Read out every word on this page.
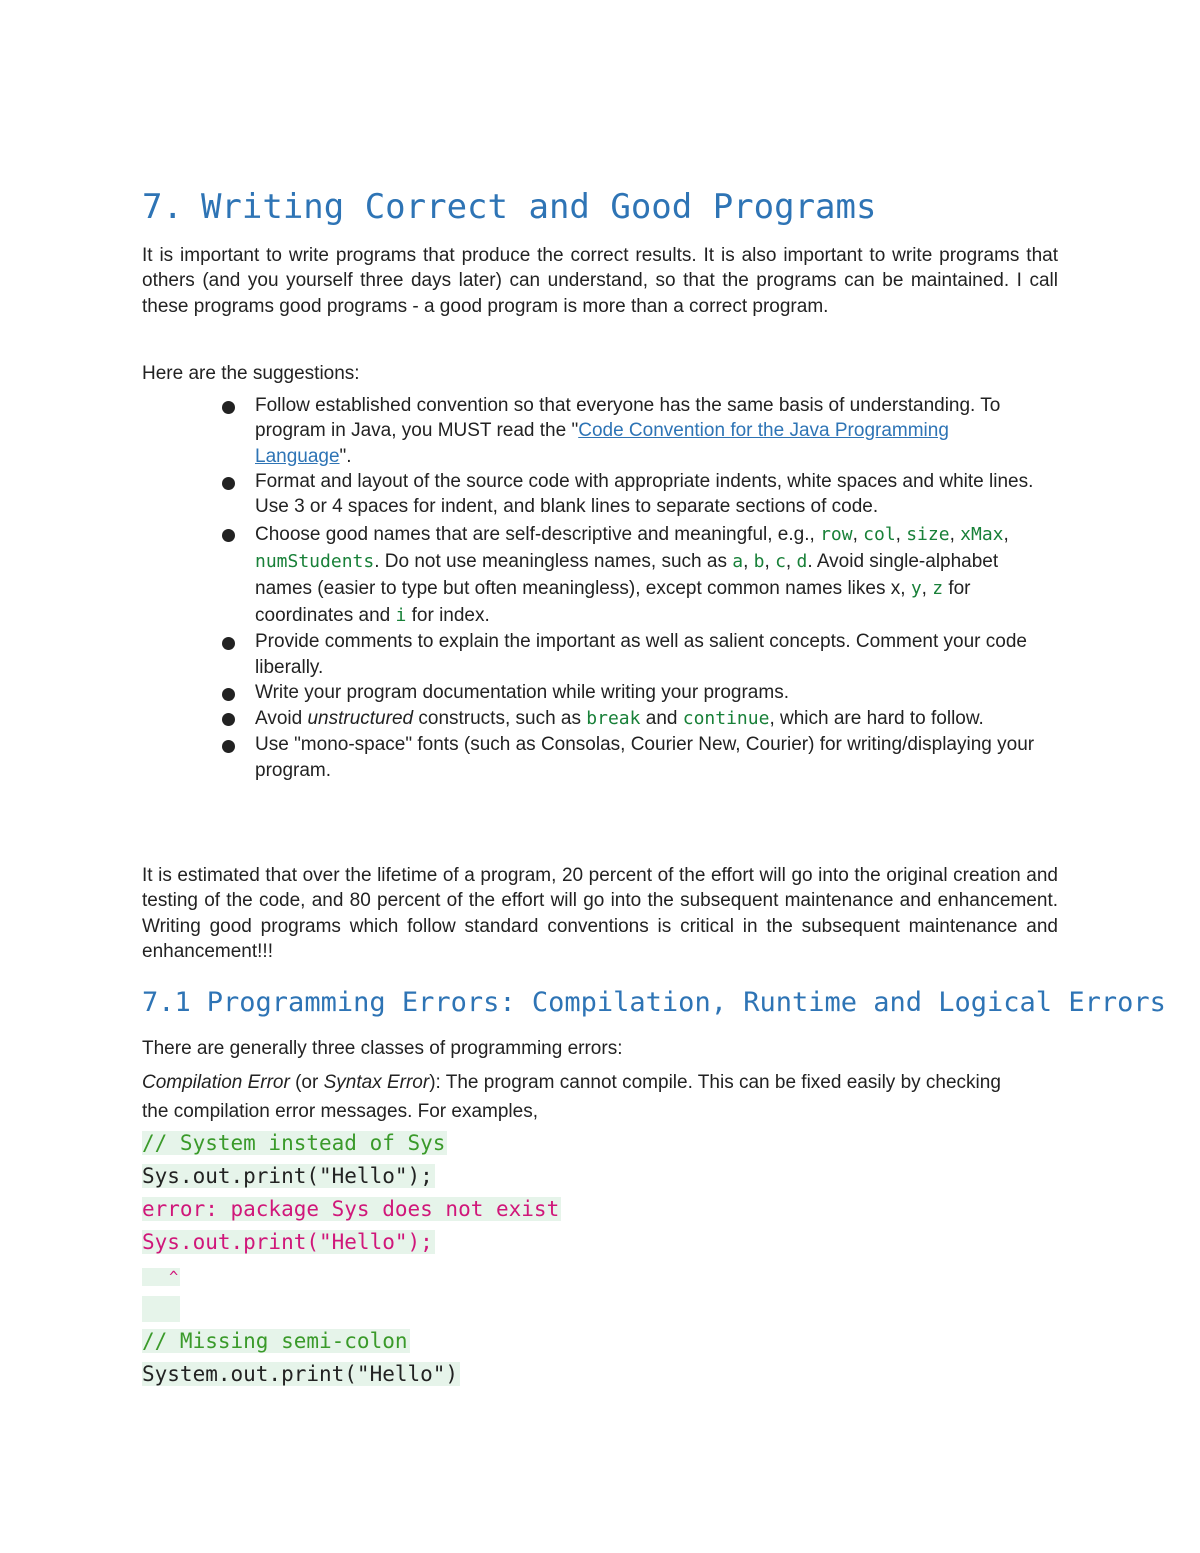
7. Writing Correct and Good Programs

It is important to write programs that produce the correct results. It is also important to write programs that others (and you yourself three days later) can understand, so that the programs can be maintained. I call these programs good programs - a good program is more than a correct program.

Here are the suggestions:

Follow established convention so that everyone has the same basis of understanding. To program in Java, you MUST read the "Code Convention for the Java Programming Language".
Format and layout of the source code with appropriate indents, white spaces and white lines. Use 3 or 4 spaces for indent, and blank lines to separate sections of code.
Choose good names that are self-descriptive and meaningful, e.g., row, col, size, xMax, numStudents. Do not use meaningless names, such as a, b, c, d. Avoid single-alphabet names (easier to type but often meaningless), except common names likes x, y, z for coordinates and i for index.
Provide comments to explain the important as well as salient concepts. Comment your code liberally.
Write your program documentation while writing your programs.
Avoid unstructured constructs, such as break and continue, which are hard to follow.
Use "mono-space" fonts (such as Consolas, Courier New, Courier) for writing/displaying your program.

It is estimated that over the lifetime of a program, 20 percent of the effort will go into the original creation and testing of the code, and 80 percent of the effort will go into the subsequent maintenance and enhancement. Writing good programs which follow standard conventions is critical in the subsequent maintenance and enhancement!!!

7.1 Programming Errors: Compilation, Runtime and Logical Errors

There are generally three classes of programming errors:

Compilation Error (or Syntax Error): The program cannot compile. This can be fixed easily by checking the compilation error messages. For examples,

// System instead of Sys
Sys.out.print("Hello");
error: package Sys does not exist
Sys.out.print("Hello");
^
// Missing semi-colon
System.out.print("Hello")
